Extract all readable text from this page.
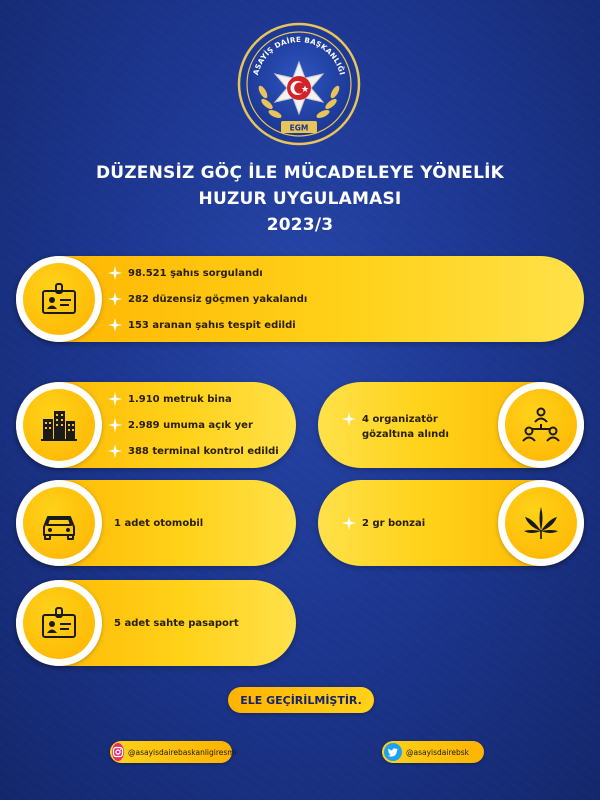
ASAYİŞ DAİRE BAŞKANLIĞI
EGM
DÜZENSİZ GÖÇ İLE MÜCADELEYE YÖNELİK
HUZUR UYGULAMASI
2023/3
98.521 şahıs sorgulandı
282 düzensiz göçmen yakalandı
153 aranan şahıs tespit edildi
1.910 metruk bina
2.989 umuma açık yer
388 terminal kontrol edildi
4 organizatör gözaltına alındı
1 adet otomobil	2 gr bonzai
5 adet sahte pasaport
ELE GEÇİRİLMİŞTİR.
@asayisdairebaskanligiresmi	@asayisdairebsk
